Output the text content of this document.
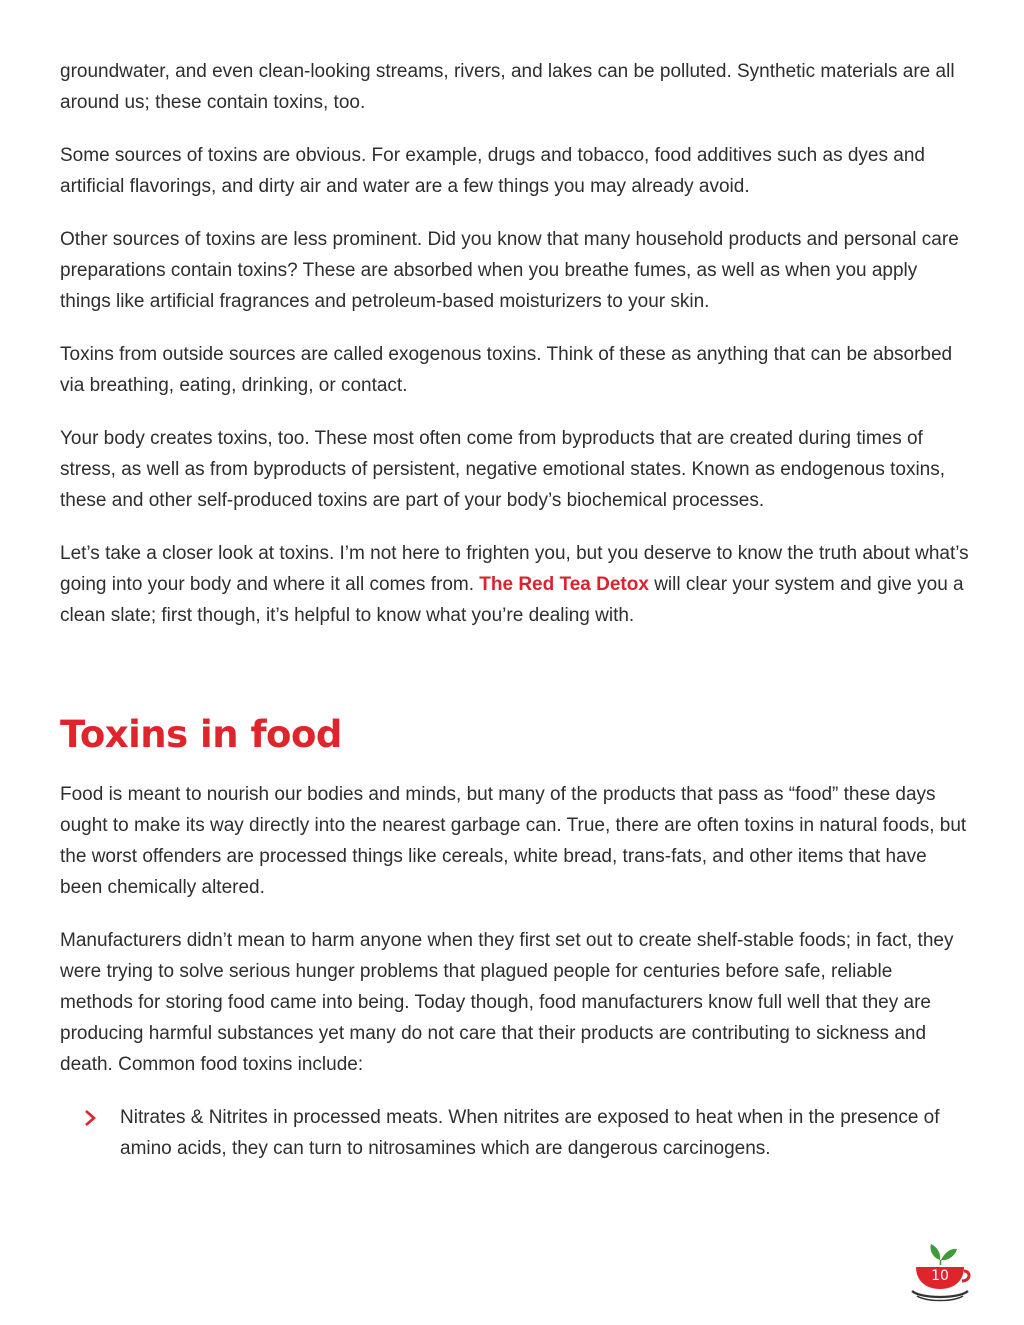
groundwater, and even clean-looking streams, rivers, and lakes can be polluted. Synthetic materials are all around us; these contain toxins, too.

Some sources of toxins are obvious. For example, drugs and tobacco, food additives such as dyes and artificial flavorings, and dirty air and water are a few things you may already avoid.

Other sources of toxins are less prominent. Did you know that many household products and personal care preparations contain toxins? These are absorbed when you breathe fumes, as well as when you apply things like artificial fragrances and petroleum-based moisturizers to your skin.

Toxins from outside sources are called exogenous toxins. Think of these as anything that can be absorbed via breathing, eating, drinking, or contact.

Your body creates toxins, too. These most often come from byproducts that are created during times of stress, as well as from byproducts of persistent, negative emotional states. Known as endogenous toxins, these and other self-produced toxins are part of your body’s biochemical processes.

Let’s take a closer look at toxins. I’m not here to frighten you, but you deserve to know the truth about what’s going into your body and where it all comes from. The Red Tea Detox will clear your system and give you a clean slate; first though, it’s helpful to know what you’re dealing with.

Toxins in food

Food is meant to nourish our bodies and minds, but many of the products that pass as “food” these days ought to make its way directly into the nearest garbage can. True, there are often toxins in natural foods, but the worst offenders are processed things like cereals, white bread, trans-fats, and other items that have been chemically altered.

Manufacturers didn’t mean to harm anyone when they first set out to create shelf-stable foods; in fact, they were trying to solve serious hunger problems that plagued people for centuries before safe, reliable methods for storing food came into being. Today though, food manufacturers know full well that they are producing harmful substances yet many do not care that their products are contributing to sickness and death. Common food toxins include:

Nitrates & Nitrites in processed meats. When nitrites are exposed to heat when in the presence of amino acids, they can turn to nitrosamines which are dangerous carcinogens.
10
